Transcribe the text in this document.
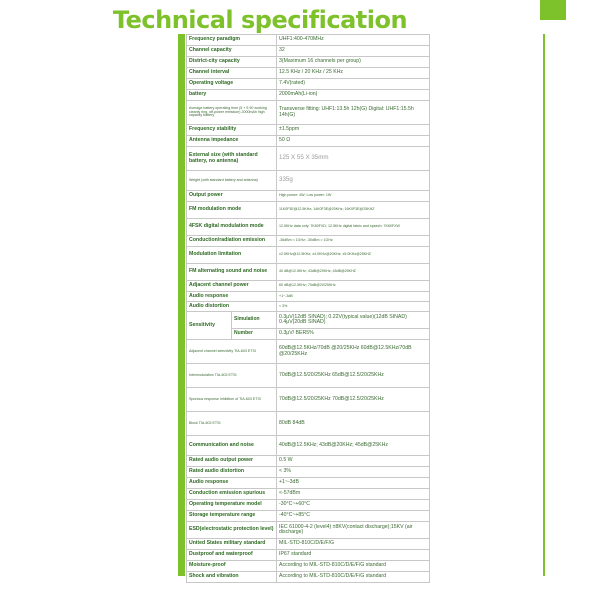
Technical specification
Frequency paradigm		UHF1:400-470MHz
Channel capacity		32
District-city capacity		3(Maximum 16 channels per group)
Channel interval		12.5 KHz / 20 KHz / 25 KHz
Operating voltage		7.4V(rated)
battery		2000mAh(Li-ion)
Average battery operating time (5 + 5 90 working cleanly ring, off-power emission) 2000mAh high capacity battery		Transverse fitting: UHF1:13.5h 12h(G) Digital: UHF1:15.5h 14h(G)
Frequency stability		±1.5ppm
Antenna impedance		50 Ω
External size (with standard battery, no antenna)		125 X 55 X 35mm
Weight (with standard battery and antenna)		335g
Output power		High power: 4W; Low power: 1W
FM modulation mode		11K0F3E@12.5KHz; 14K0F3E@20KHz; 16K0F3E@25KHZ
4FSK digital modulation mode		12.5KHz data only: 7K60FXD; 12.5KHz digital fabric and speech: 7K60FXW
Conduction/radiation emission		-36dBm < 1GHz; -30dBm > 1GHz
Modulation limitation		±2.5KHz@12.5KHz; ±4.0KHz@20KHz; ±5.0KHz@25KHZ
FM alternating sound and noise		40 dB@12.5KHz; 43dB@20KHz; 45dB@25KHZ
Adjacent channel power		60 dB@12.5KHz; 70dB@20/25KHz
Audio response		+1~-3dB
Audio distortion		< 3%
Sensitivity	Simulation	0.3μV(12dB SINAD); 0.22V(typical value)(12dB SINAD) 0.4μV(20dB SINAD)
	Number	0.3μV/ BER5%
Adjacent channel selectivity TIA-603 ETSI		60dB@12.5KHz/70dB @20/25KHz 60dB@12.5KHz/70dB @20/25KHz
Intermodulation TIA-603 ETSI		70dB@12.5/20/25KHz 65dB@12.5/20/25KHz
Spurious response inhibition of TIA-603 ETSI		70dB@12.5/20/25KHz 70dB@12.5/20/25KHz
Block TIA-603 ETSI		80dB 84dB
Communication and noise		40dB@12.5KHz; 43dB@20KHz; 45dB@25KHz
Rated audio output power		0.5 W
Rated audio distortion		< 3%
Audio response		+1~-3dB
Conduction emission spurious		<-57dBm
Operating temperature model		-30°C~+60°C
Storage temperature range		-40°C~+85°C
ESD(electrostatic protection level)		IEC 61000-4-2 (level4) ±8KV(contact discharge);15KV (air discharge)
United States military standard		MIL-STD-810C/D/E/F/G
Dustproof and waterproof		IP67 standard
Moisture-proof		According to MIL-STD-810C/D/E/F/G standard
Shock and vibration		According to MIL-STD-810C/D/E/F/G standard
